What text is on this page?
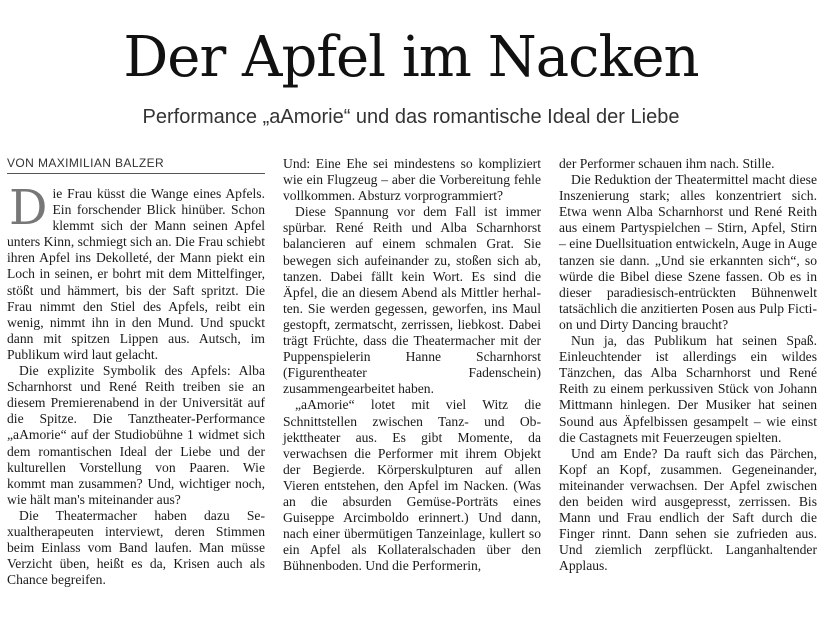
Der Apfel im Nacken
Performance „aAmorie“ und das romantische Ideal der Liebe
VON MAXIMILIAN BALZER

Die Frau küsst die Wange eines Apfels. Ein forschender Blick hinüber. Schon klemmt sich der Mann seinen Apfel unters Kinn, schmiegt sich an. Die Frau schiebt ihren Apfel ins Dekolleté, der Mann piekt ein Loch in seinen, er bohrt mit dem Mittelfinger, stößt und hämmert, bis der Saft spritzt. Die Frau nimmt den Stiel des Apfels, reibt ein wenig, nimmt ihn in den Mund. Und spuckt dann mit spitzen Lippen aus. Autsch, im Publikum wird laut gelacht.

Die explizite Symbolik des Apfels: Alba Scharnhorst und René Reith treiben sie an diesem Premierenabend in der Universität auf die Spitze. Die Tanztheater-Performance „aAmorie“ auf der Studiobühne 1 widmet sich dem romantischen Ideal der Liebe und der kulturellen Vorstellung von Paaren. Wie kommt man zusammen? Und, wichtiger noch, wie hält man's miteinander aus?

Die Theatermacher haben dazu Sexualtherapeuten interviewt, deren Stimmen beim Einlass vom Band laufen. Man müsse Verzicht üben, heißt es da, Krisen auch als Chance begreifen.

Und: Eine Ehe sei mindestens so kompliziert wie ein Flugzeug – aber die Vorbereitung fehle vollkommen. Absturz vorprogrammiert?

Diese Spannung vor dem Fall ist immer spürbar. René Reith und Alba Scharnhorst balancieren auf einem schmalen Grat. Sie bewegen sich aufeinander zu, stoßen sich ab, tanzen. Dabei fällt kein Wort. Es sind die Äpfel, die an diesem Abend als Mittler herhalten. Sie werden gegessen, geworfen, ins Maul gestopft, zermatscht, zerrissen, liebkost. Dabei trägt Früchte, dass die Theatermacher mit der Puppenspielerin Hanne Scharnhorst (Figurentheater Fadenschein) zusammengearbeitet haben.

„aAmorie“ lotet mit viel Witz die Schnittstellen zwischen Tanz- und Objekttheater aus. Es gibt Momente, da verwachsen die Performer mit ihrem Objekt der Begierde. Körperskulpturen auf allen Vieren entstehen, den Apfel im Nacken. (Was an die absurden Gemüse-Porträts eines Guiseppe Arcimboldo erinnert.) Und dann, nach einer übermütigen Tanzeinlage, kullert so ein Apfel als Kollateralschaden über den Bühnenboden. Und die Performerin,

der Performer schauen ihm nach. Stille.

Die Reduktion der Theatermittel macht diese Inszenierung stark; alles konzentriert sich. Etwa wenn Alba Scharnhorst und René Reith aus einem Partyspielchen – Stirn, Apfel, Stirn – eine Duellsituation entwickeln, Auge in Auge tanzen sie dann. „Und sie erkannten sich“, so würde die Bibel diese Szene fassen. Ob es in dieser paradiesisch-entrückten Bühnenwelt tatsächlich die anzitierten Posen aus Pulp Fiction und Dirty Dancing braucht?

Nun ja, das Publikum hat seinen Spaß. Einleuchtender ist allerdings ein wildes Tänzchen, das Alba Scharnhorst und René Reith zu einem perkussiven Stück von Johann Mittmann hinlegen. Der Musiker hat seinen Sound aus Äpfelbissen gesampelt – wie einst die Castagnets mit Feuerzeugen spielten.

Und am Ende? Da rauft sich das Pärchen, Kopf an Kopf, zusammen. Gegeneinander, miteinander verwachsen. Der Apfel zwischen den beiden wird ausgepresst, zerrissen. Bis Mann und Frau endlich der Saft durch die Finger rinnt. Dann sehen sie zufrieden aus. Und ziemlich zerpflückt. Langanhaltender Applaus.
